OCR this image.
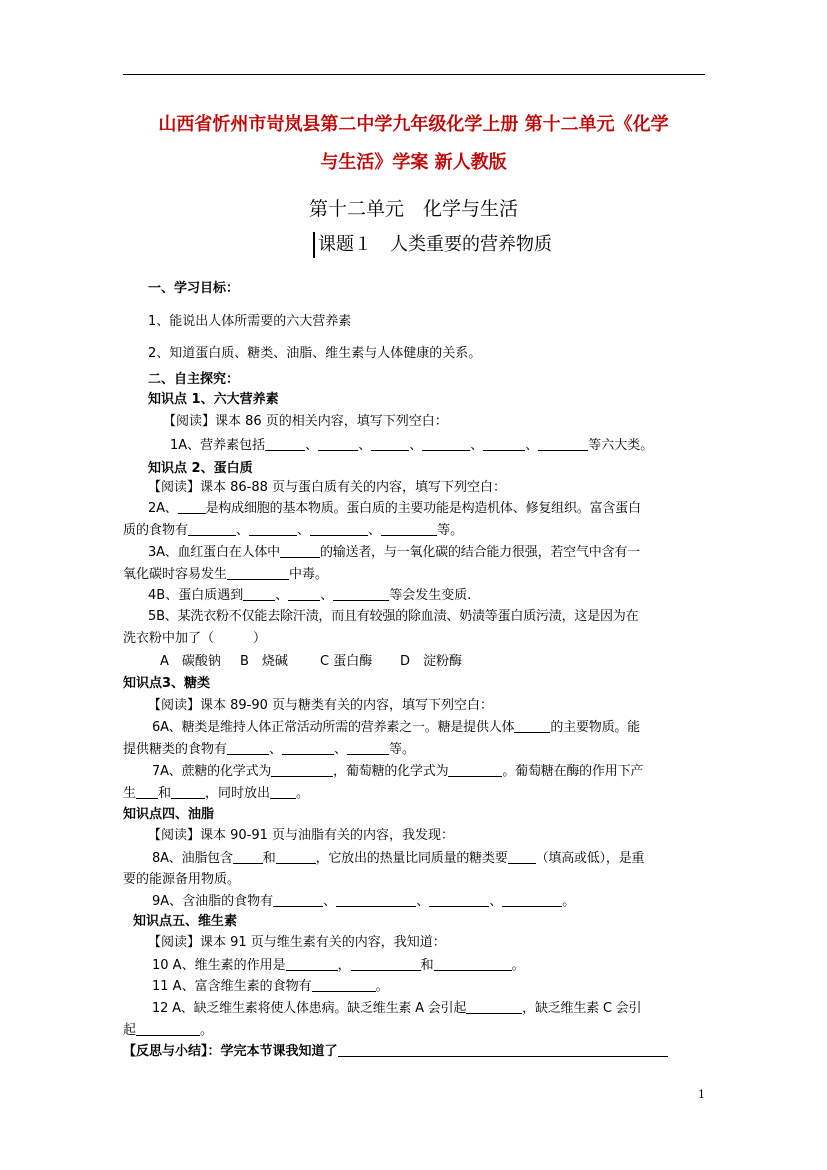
山西省忻州市岢岚县第二中学九年级化学上册 第十二单元《化学
与生活》学案 新人教版
第十二单元　化学与生活
课题１　人类重要的营养物质
一、学习目标：
1、能说出人体所需要的六大营养素
2、知道蛋白质、糖类、油脂、维生素与人体健康的关系。
二、自主探究：
知识点 1、六大营养素
【阅读】课本 86 页的相关内容，填写下列空白：
1A、营养素包括	、	、	、	、	、	等六大类。
知识点 2、蛋白质
【阅读】课本 86-88 页与蛋白质有关的内容，填写下列空白：
2A、 是构成细胞的基本物质。蛋白质的主要功能是构造机体、修复组织。富含蛋白
质的食物有	、	、	、	等。
3A、血红蛋白在人体中	的输送者，与一氧化碳的结合能力很强，若空气中含有一
氧化碳时容易发生	中毒。
4B、蛋白质遇到 、 、	等会发生变质.
5B、某洗衣粉不仅能去除汗渍，而且有较强的除血渍、奶渍等蛋白质污渍，这是因为在
洗衣粉中加了（　　　）
A　碳酸钠 B　烧碱 C 蛋白酶 D　淀粉酶
知识点3、糖类
【阅读】课本 89-90 页与糖类有关的内容，填写下列空白：
6A、糖类是维持人体正常活动所需的营养素之一。糖是提供人体	的主要物质。能
提供糖类的食物有	、	、	等。
7A、蔗糖的化学式为	，葡萄糖的化学式为	。葡萄糖在酶的作用下产
生 和	，同时放出 。
知识点四、油脂
【阅读】课本 90-91 页与油脂有关的内容，我发现：
8A、油脂包含 和	，它放出的热量比同质量的糖类要 （填高或低），是重
要的能源备用物质。
9A、含油脂的食物有	、	、	、	。
知识点五、维生素
【阅读】课本 91 页与维生素有关的内容，我知道：
10 A、维生素的作用是	，	和	。
11 A、富含维生素的食物有	。
12 A、缺乏维生素将使人体患病。缺乏维生素 A 会引起	，缺乏维生素 C 会引
起	。
【反思与小结】：学完本节课我知道了
1
